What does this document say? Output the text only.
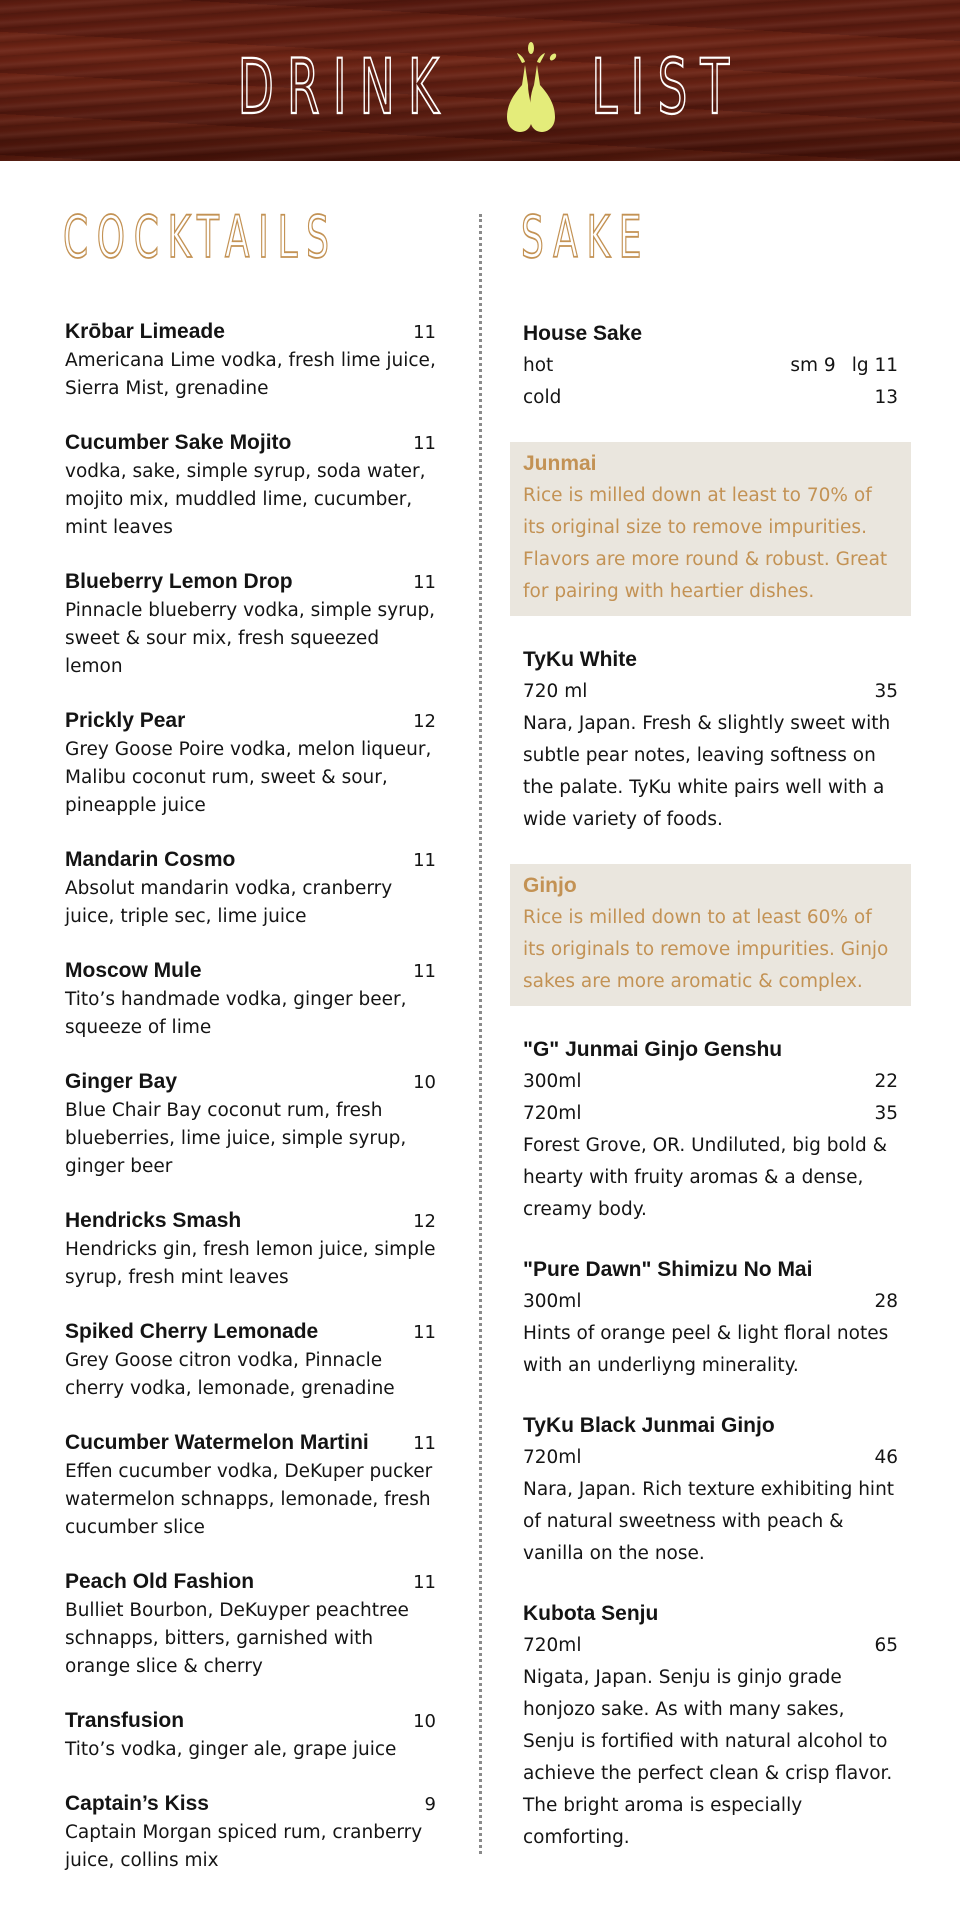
DRINK LIST
COCKTAILS	SAKE
Krōbar Limeade	11
Americana Lime vodka, fresh lime juice, Sierra Mist, grenadine
Cucumber Sake Mojito	11
vodka, sake, simple syrup, soda water, mojito mix, muddled lime, cucumber, mint leaves
Blueberry Lemon Drop	11
Pinnacle blueberry vodka, simple syrup, sweet & sour mix, fresh squeezed lemon
Prickly Pear	12
Grey Goose Poire vodka, melon liqueur, Malibu coconut rum, sweet & sour, pineapple juice
Mandarin Cosmo	11
Absolut mandarin vodka, cranberry juice, triple sec, lime juice
Moscow Mule	11
Tito’s handmade vodka, ginger beer, squeeze of lime
Ginger Bay	10
Blue Chair Bay coconut rum, fresh blueberries, lime juice, simple syrup, ginger beer
Hendricks Smash	12
Hendricks gin, fresh lemon juice, simple syrup, fresh mint leaves
Spiked Cherry Lemonade	11
Grey Goose citron vodka, Pinnacle cherry vodka, lemonade, grenadine
Cucumber Watermelon Martini 11
Effen cucumber vodka, DeKuper pucker watermelon schnapps, lemonade, fresh cucumber slice
Peach Old Fashion	11
Bulliet Bourbon, DeKuyper peachtree schnapps, bitters, garnished with orange slice & cherry
Transfusion	10
Tito’s vodka, ginger ale, grape juice
Captain’s Kiss	9
Captain Morgan spiced rum, cranberry juice, collins mix
House Sake
hot	sm 9 lg 11
cold	13
Junmai
Rice is milled down at least to 70% of its original size to remove impurities. Flavors are more round & robust. Great for pairing with heartier dishes.
TyKu White
720 ml	35
Nara, Japan. Fresh & slightly sweet with subtle pear notes, leaving softness on the palate. TyKu white pairs well with a wide variety of foods.
Ginjo
Rice is milled down to at least 60% of its originals to remove impurities. Ginjo sakes are more aromatic & complex.
"G" Junmai Ginjo Genshu
300ml	22
720ml	35
Forest Grove, OR. Undiluted, big bold & hearty with fruity aromas & a dense, creamy body.
"Pure Dawn" Shimizu No Mai
300ml	28
Hints of orange peel & light floral notes with an underliyng minerality.
TyKu Black Junmai Ginjo
720ml	46
Nara, Japan. Rich texture exhibiting hint of natural sweetness with peach & vanilla on the nose.
Kubota Senju
720ml	65
Nigata, Japan. Senju is ginjo grade honjozo sake. As with many sakes, Senju is fortified with natural alcohol to achieve the perfect clean & crisp flavor. The bright aroma is especially comforting.
